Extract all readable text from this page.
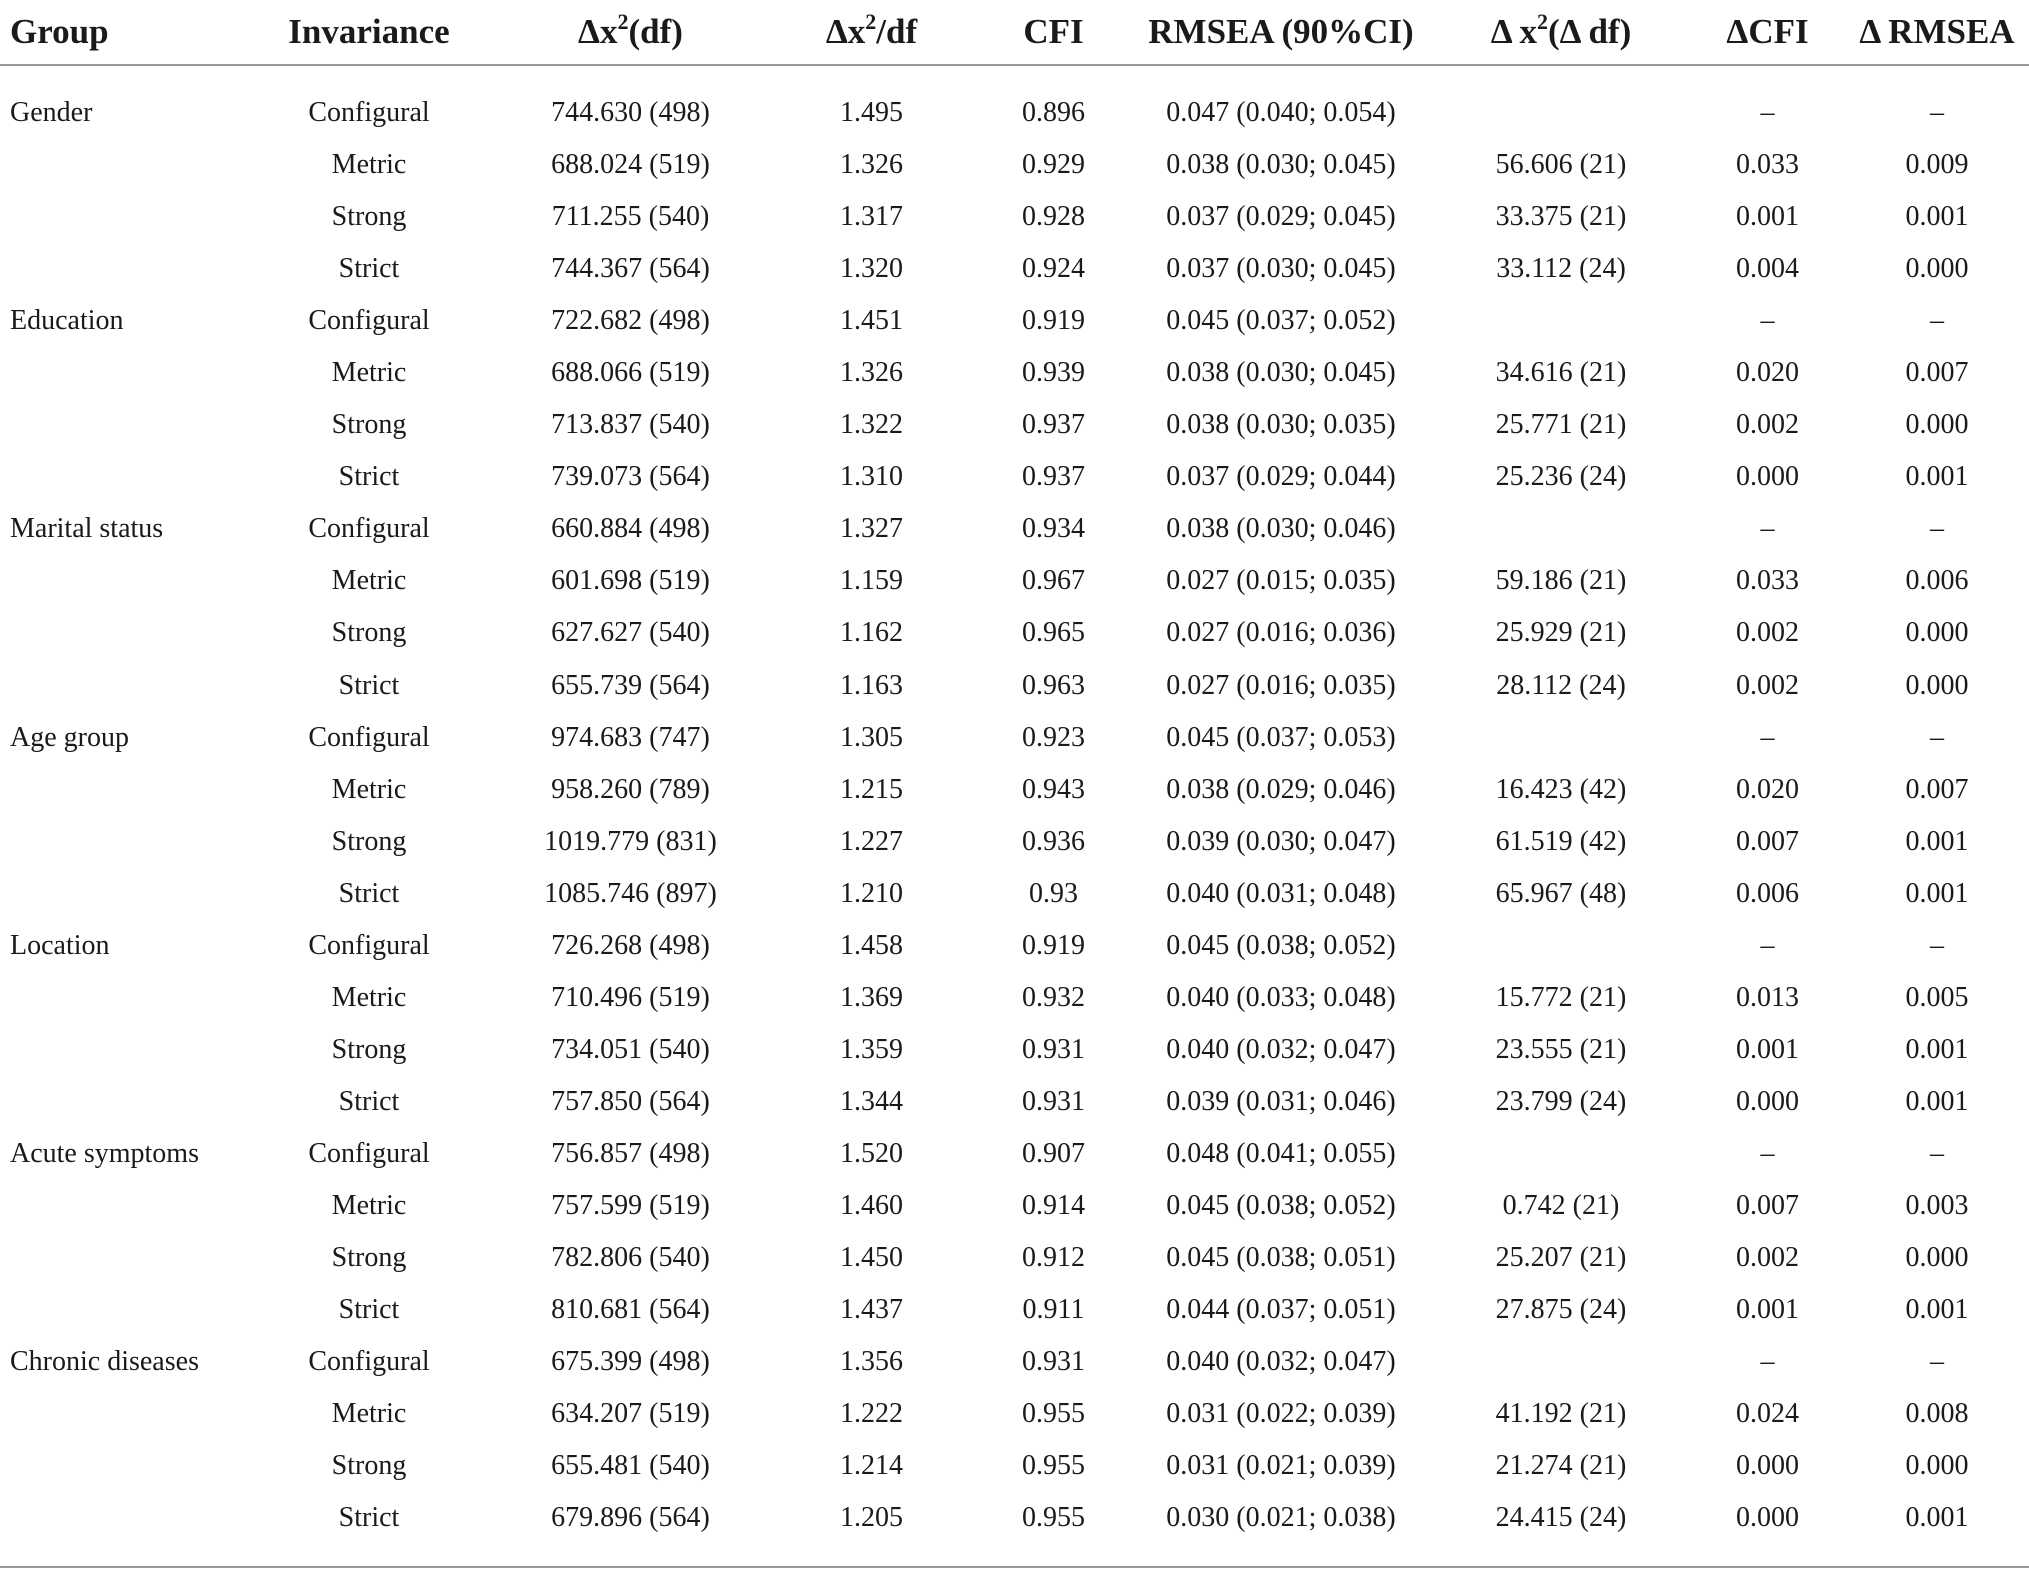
Group	Invariance	$\Delta x^2(df)$	$\Delta x^2/df$	CFI	RMSEA (90%CI)	Δ $x^2(\Delta$ df)	ΔCFI	Δ RMSEA

Gender	Configural	744.630 (498)	1.495	0.896	0.047 (0.040; 0.054)		–	–
	Metric	688.024 (519)	1.326	0.929	0.038 (0.030; 0.045)	56.606 (21)	0.033	0.009
	Strong	711.255 (540)	1.317	0.928	0.037 (0.029; 0.045)	33.375 (21)	0.001	0.001
	Strict	744.367 (564)	1.320	0.924	0.037 (0.030; 0.045)	33.112 (24)	0.004	0.000
Education	Configural	722.682 (498)	1.451	0.919	0.045 (0.037; 0.052)		–	–
	Metric	688.066 (519)	1.326	0.939	0.038 (0.030; 0.045)	34.616 (21)	0.020	0.007
	Strong	713.837 (540)	1.322	0.937	0.038 (0.030; 0.035)	25.771 (21)	0.002	0.000
	Strict	739.073 (564)	1.310	0.937	0.037 (0.029; 0.044)	25.236 (24)	0.000	0.001
Marital status	Configural	660.884 (498)	1.327	0.934	0.038 (0.030; 0.046)		–	–
	Metric	601.698 (519)	1.159	0.967	0.027 (0.015; 0.035)	59.186 (21)	0.033	0.006
	Strong	627.627 (540)	1.162	0.965	0.027 (0.016; 0.036)	25.929 (21)	0.002	0.000
	Strict	655.739 (564)	1.163	0.963	0.027 (0.016; 0.035)	28.112 (24)	0.002	0.000
Age group	Configural	974.683 (747)	1.305	0.923	0.045 (0.037; 0.053)		–	–
	Metric	958.260 (789)	1.215	0.943	0.038 (0.029; 0.046)	16.423 (42)	0.020	0.007
	Strong	1019.779 (831)	1.227	0.936	0.039 (0.030; 0.047)	61.519 (42)	0.007	0.001
	Strict	1085.746 (897)	1.210	0.93	0.040 (0.031; 0.048)	65.967 (48)	0.006	0.001
Location	Configural	726.268 (498)	1.458	0.919	0.045 (0.038; 0.052)		–	–
	Metric	710.496 (519)	1.369	0.932	0.040 (0.033; 0.048)	15.772 (21)	0.013	0.005
	Strong	734.051 (540)	1.359	0.931	0.040 (0.032; 0.047)	23.555 (21)	0.001	0.001
	Strict	757.850 (564)	1.344	0.931	0.039 (0.031; 0.046)	23.799 (24)	0.000	0.001
Acute symptoms	Configural	756.857 (498)	1.520	0.907	0.048 (0.041; 0.055)		–	–
	Metric	757.599 (519)	1.460	0.914	0.045 (0.038; 0.052)	0.742 (21)	0.007	0.003
	Strong	782.806 (540)	1.450	0.912	0.045 (0.038; 0.051)	25.207 (21)	0.002	0.000
	Strict	810.681 (564)	1.437	0.911	0.044 (0.037; 0.051)	27.875 (24)	0.001	0.001
Chronic diseases	Configural	675.399 (498)	1.356	0.931	0.040 (0.032; 0.047)		–	–
	Metric	634.207 (519)	1.222	0.955	0.031 (0.022; 0.039)	41.192 (21)	0.024	0.008
	Strong	655.481 (540)	1.214	0.955	0.031 (0.021; 0.039)	21.274 (21)	0.000	0.000
	Strict	679.896 (564)	1.205	0.955	0.030 (0.021; 0.038)	24.415 (24)	0.000	0.001
